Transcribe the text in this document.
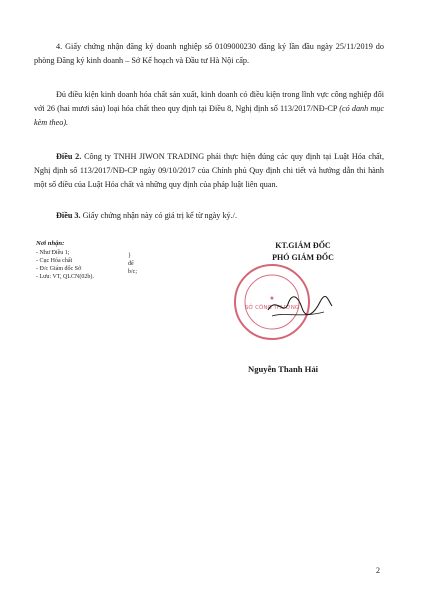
4. Giấy chứng nhận đăng ký doanh nghiệp số 0109000230 đăng ký lần đầu ngày 25/11/2019 do phòng Đăng ký kinh doanh – Sở Kế hoạch và Đầu tư Hà Nội cấp.
Đủ điều kiện kinh doanh hóa chất sản xuất, kinh doanh có điều kiện trong lĩnh vực công nghiệp đối với 26 (hai mươi sáu) loại hóa chất theo quy định tại Điều 8, Nghị định số 113/2017/NĐ-CP (có danh mục kèm theo).
Điều 2. Công ty TNHH JIWON TRADING phải thực hiện đúng các quy định tại Luật Hóa chất, Nghị định số 113/2017/NĐ-CP ngày 09/10/2017 của Chính phủ Quy định chi tiết và hướng dẫn thi hành một số điều của Luật Hóa chất và những quy định của pháp luật liên quan.
Điều 3. Giấy chứng nhận này có giá trị kể từ ngày ký./.
Nơi nhận:
- Như Điều 1;
- Cục Hóa chất
- Đ/c Giám đốc Sở
- Lưu: VT, QLCN(02b).
} để b/c;
KT.GIÁM ĐỐC
PHÓ GIÁM ĐỐC
★
SỞ CÔNG THƯƠNG
Nguyễn Thanh Hải
2
